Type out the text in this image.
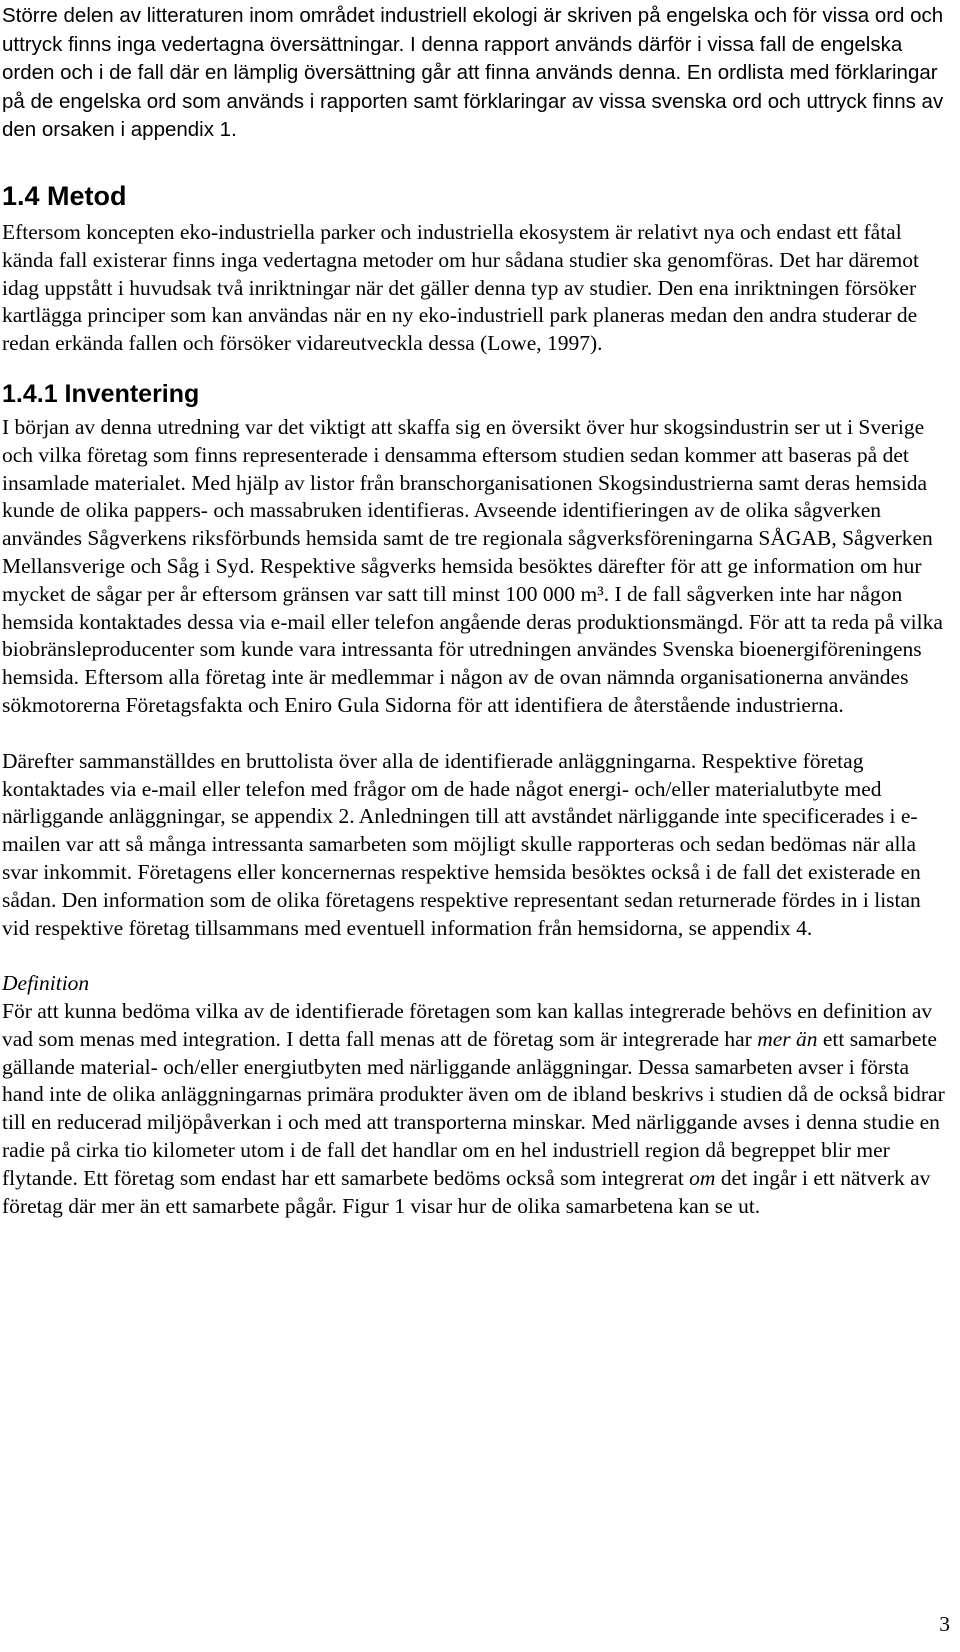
Större delen av litteraturen inom området industriell ekologi är skriven på engelska och för vissa ord och uttryck finns inga vedertagna översättningar. I denna rapport används därför i vissa fall de engelska orden och i de fall där en lämplig översättning går att finna används denna. En ordlista med förklaringar på de engelska ord som används i rapporten samt förklaringar av vissa svenska ord och uttryck finns av den orsaken i appendix 1.

1.4 Metod

Eftersom koncepten eko-industriella parker och industriella ekosystem är relativt nya och endast ett fåtal kända fall existerar finns inga vedertagna metoder om hur sådana studier ska genomföras. Det har däremot idag uppstått i huvudsak två inriktningar när det gäller denna typ av studier. Den ena inriktningen försöker kartlägga principer som kan användas när en ny eko-industriell park planeras medan den andra studerar de redan erkända fallen och försöker vidareutveckla dessa (Lowe, 1997).

1.4.1 Inventering

I början av denna utredning var det viktigt att skaffa sig en översikt över hur skogsindustrin ser ut i Sverige och vilka företag som finns representerade i densamma eftersom studien sedan kommer att baseras på det insamlade materialet. Med hjälp av listor från branschorganisationen Skogsindustrierna samt deras hemsida kunde de olika pappers- och massabruken identifieras. Avseende identifieringen av de olika sågverken användes Sågverkens riksförbunds hemsida samt de tre regionala sågverksföreningarna SÅGAB, Sågverken Mellansverige och Såg i Syd. Respektive sågverks hemsida besöktes därefter för att ge information om hur mycket de sågar per år eftersom gränsen var satt till minst 100 000 m³. I de fall sågverken inte har någon hemsida kontaktades dessa via e-mail eller telefon angående deras produktionsmängd. För att ta reda på vilka biobränsleproducenter som kunde vara intressanta för utredningen användes Svenska bioenergiföreningens hemsida. Eftersom alla företag inte är medlemmar i någon av de ovan nämnda organisationerna användes sökmotorerna Företagsfakta och Eniro Gula Sidorna för att identifiera de återstående industrierna.

Därefter sammanställdes en bruttolista över alla de identifierade anläggningarna. Respektive företag kontaktades via e-mail eller telefon med frågor om de hade något energi- och/eller materialutbyte med närliggande anläggningar, se appendix 2. Anledningen till att avståndet närliggande inte specificerades i e-mailen var att så många intressanta samarbeten som möjligt skulle rapporteras och sedan bedömas när alla svar inkommit. Företagens eller koncernernas respektive hemsida besöktes också i de fall det existerade en sådan. Den information som de olika företagens respektive representant sedan returnerade fördes in i listan vid respektive företag tillsammans med eventuell information från hemsidorna, se appendix 4.

Definition

För att kunna bedöma vilka av de identifierade företagen som kan kallas integrerade behövs en definition av vad som menas med integration. I detta fall menas att de företag som är integrerade har mer än ett samarbete gällande material- och/eller energiutbyten med närliggande anläggningar. Dessa samarbeten avser i första hand inte de olika anläggningarnas primära produkter även om de ibland beskrivs i studien då de också bidrar till en reducerad miljöpåverkan i och med att transporterna minskar. Med närliggande avses i denna studie en radie på cirka tio kilometer utom i de fall det handlar om en hel industriell region då begreppet blir mer flytande. Ett företag som endast har ett samarbete bedöms också som integrerat om det ingår i ett nätverk av företag där mer än ett samarbete pågår. Figur 1 visar hur de olika samarbetena kan se ut.

3
